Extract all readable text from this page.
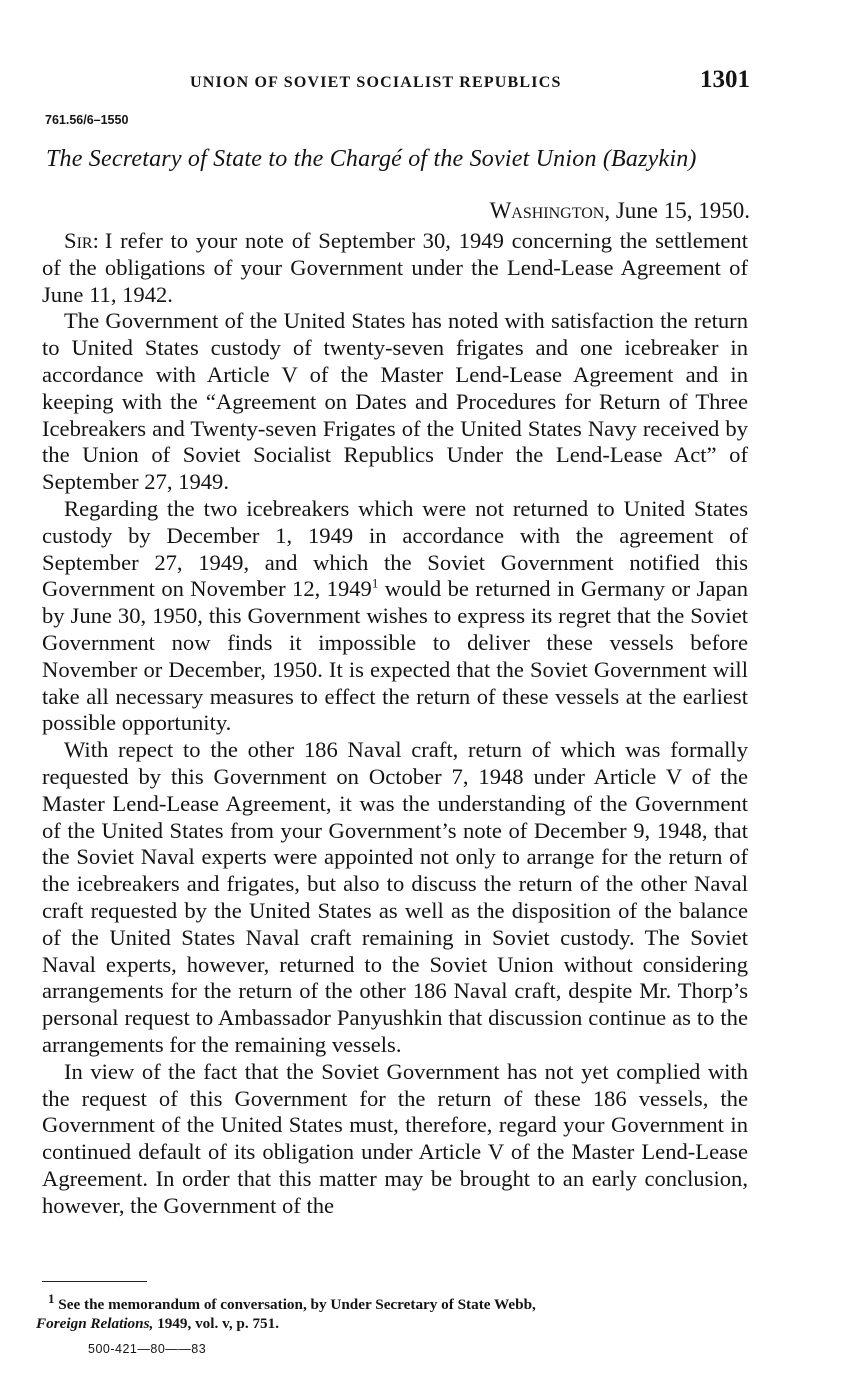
UNION OF SOVIET SOCIALIST REPUBLICS	1301
761.56/6–1550
The Secretary of State to the Chargé of the Soviet Union (Bazykin)
Washington, June 15, 1950.

Sir: I refer to your note of September 30, 1949 concerning the settlement of the obligations of your Government under the Lend-Lease Agreement of June 11, 1942.

The Government of the United States has noted with satisfaction the return to United States custody of twenty-seven frigates and one icebreaker in accordance with Article V of the Master Lend-Lease Agreement and in keeping with the “Agreement on Dates and Procedures for Return of Three Icebreakers and Twenty-seven Frigates of the United States Navy received by the Union of Soviet Socialist Republics Under the Lend-Lease Act” of September 27, 1949.

Regarding the two icebreakers which were not returned to United States custody by December 1, 1949 in accordance with the agreement of September 27, 1949, and which the Soviet Government notified this Government on November 12, 1949$^1$ would be returned in Germany or Japan by June 30, 1950, this Government wishes to express its regret that the Soviet Government now finds it impossible to deliver these vessels before November or December, 1950. It is expected that the Soviet Government will take all necessary measures to effect the return of these vessels at the earliest possible opportunity.

With repect to the other 186 Naval craft, return of which was formally requested by this Government on October 7, 1948 under Article V of the Master Lend-Lease Agreement, it was the understanding of the Government of the United States from your Government’s note of December 9, 1948, that the Soviet Naval experts were appointed not only to arrange for the return of the icebreakers and frigates, but also to discuss the return of the other Naval craft requested by the United States as well as the disposition of the balance of the United States Naval craft remaining in Soviet custody. The Soviet Naval experts, however, returned to the Soviet Union without considering arrangements for the return of the other 186 Naval craft, despite Mr. Thorp’s personal request to Ambassador Panyushkin that discussion continue as to the arrangements for the remaining vessels.

In view of the fact that the Soviet Government has not yet complied with the request of this Government for the return of these 186 vessels, the Government of the United States must, therefore, regard your Government in continued default of its obligation under Article V of the Master Lend-Lease Agreement. In order that this matter may be brought to an early conclusion, however, the Government of the

$^1$ See the memorandum of conversation, by Under Secretary of State Webb,
Foreign Relations, 1949, vol. v, p. 751.
500-421—80——83
